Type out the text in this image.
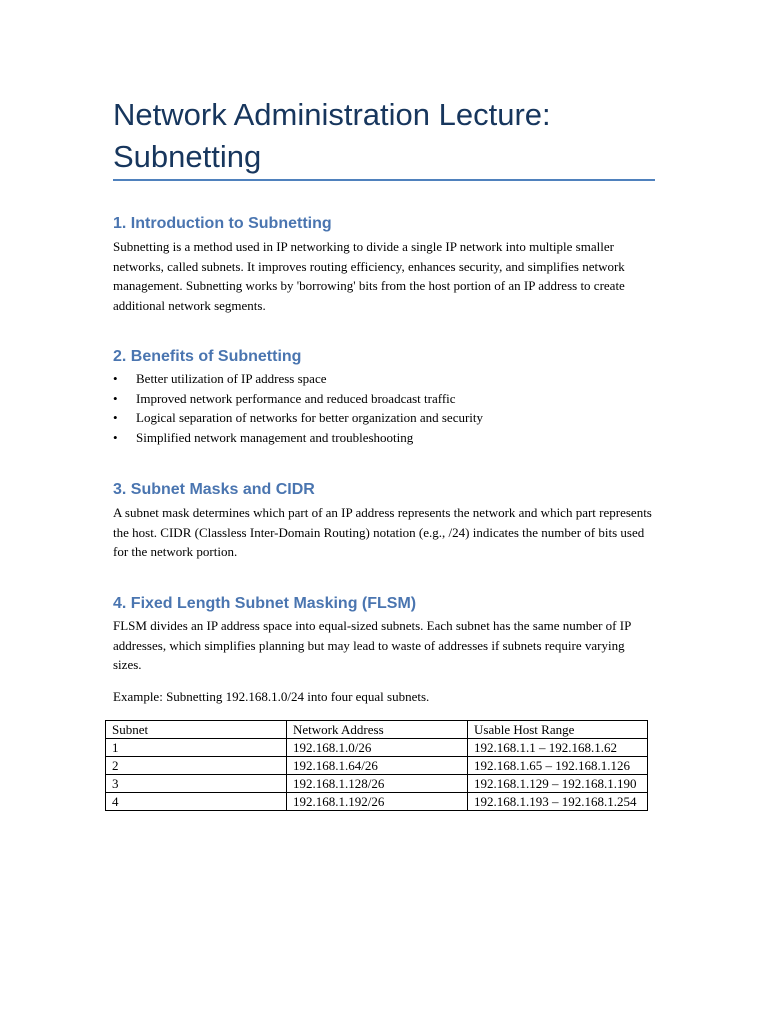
Network Administration Lecture: Subnetting
1. Introduction to Subnetting

Subnetting is a method used in IP networking to divide a single IP network into multiple smaller networks, called subnets. It improves routing efficiency, enhances security, and simplifies network management. Subnetting works by 'borrowing' bits from the host portion of an IP address to create additional network segments.

2. Benefits of Subnetting
• Better utilization of IP address space
• Improved network performance and reduced broadcast traffic
• Logical separation of networks for better organization and security
• Simplified network management and troubleshooting
3. Subnet Masks and CIDR

A subnet mask determines which part of an IP address represents the network and which part represents the host. CIDR (Classless Inter-Domain Routing) notation (e.g., /24) indicates the number of bits used for the network portion.

4. Fixed Length Subnet Masking (FLSM)

FLSM divides an IP address space into equal-sized subnets. Each subnet has the same number of IP addresses, which simplifies planning but may lead to waste of addresses if subnets require varying sizes.

Example: Subnetting 192.168.1.0/24 into four equal subnets.

Subnet	Network Address	Usable Host Range
1	192.168.1.0/26	192.168.1.1 – 192.168.1.62
2	192.168.1.64/26	192.168.1.65 – 192.168.1.126
3	192.168.1.128/26	192.168.1.129 – 192.168.1.190
4	192.168.1.192/26	192.168.1.193 – 192.168.1.254
